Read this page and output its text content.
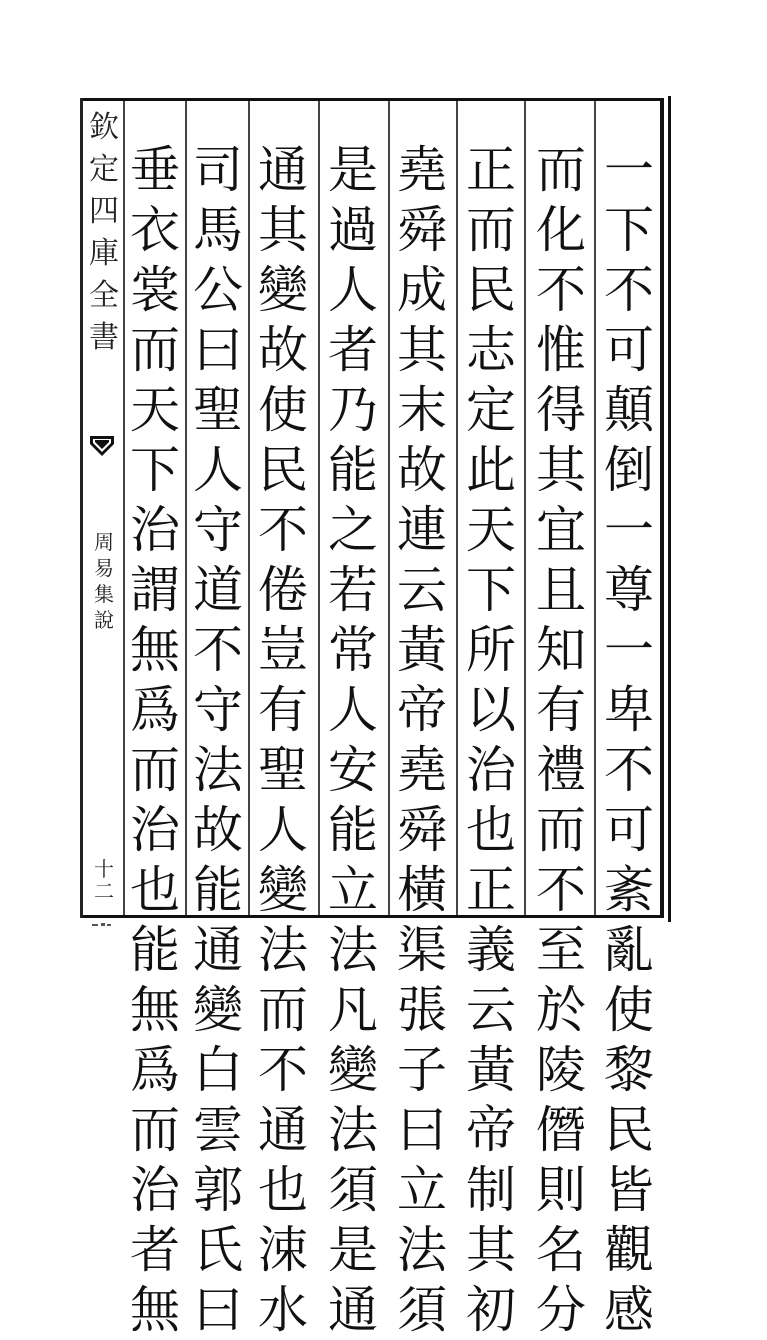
欽
定
四
庫
全
書
周
易
集
說
十
二
一
下
不
可
顛
倒
一
尊
一
卑
不
可
紊
亂
使
黎
民
皆
觀
感
而
化
不
惟
得
其
宜
且
知
有
禮
而
不
至
於
陵
僭
則
名
分
正
而
民
志
定
此
天
下
所
以
治
也
正
義
云
黃
帝
制
其
初
堯
舜
成
其
末
故
連
云
黃
帝
堯
舜
橫
渠
張
子
曰
立
法
須
是
過
人
者
乃
能
之
若
常
人
安
能
立
法
凡
變
法
須
是
通
通
其
變
故
使
民
不
倦
豈
有
聖
人
變
法
而
不
通
也
涑
水
司
馬
公
曰
聖
人
守
道
不
守
法
故
能
通
變
白
雲
郭
氏
曰
垂
衣
裳
而
天
下
治
謂
無
爲
而
治
也
能
無
爲
而
治
者
無
